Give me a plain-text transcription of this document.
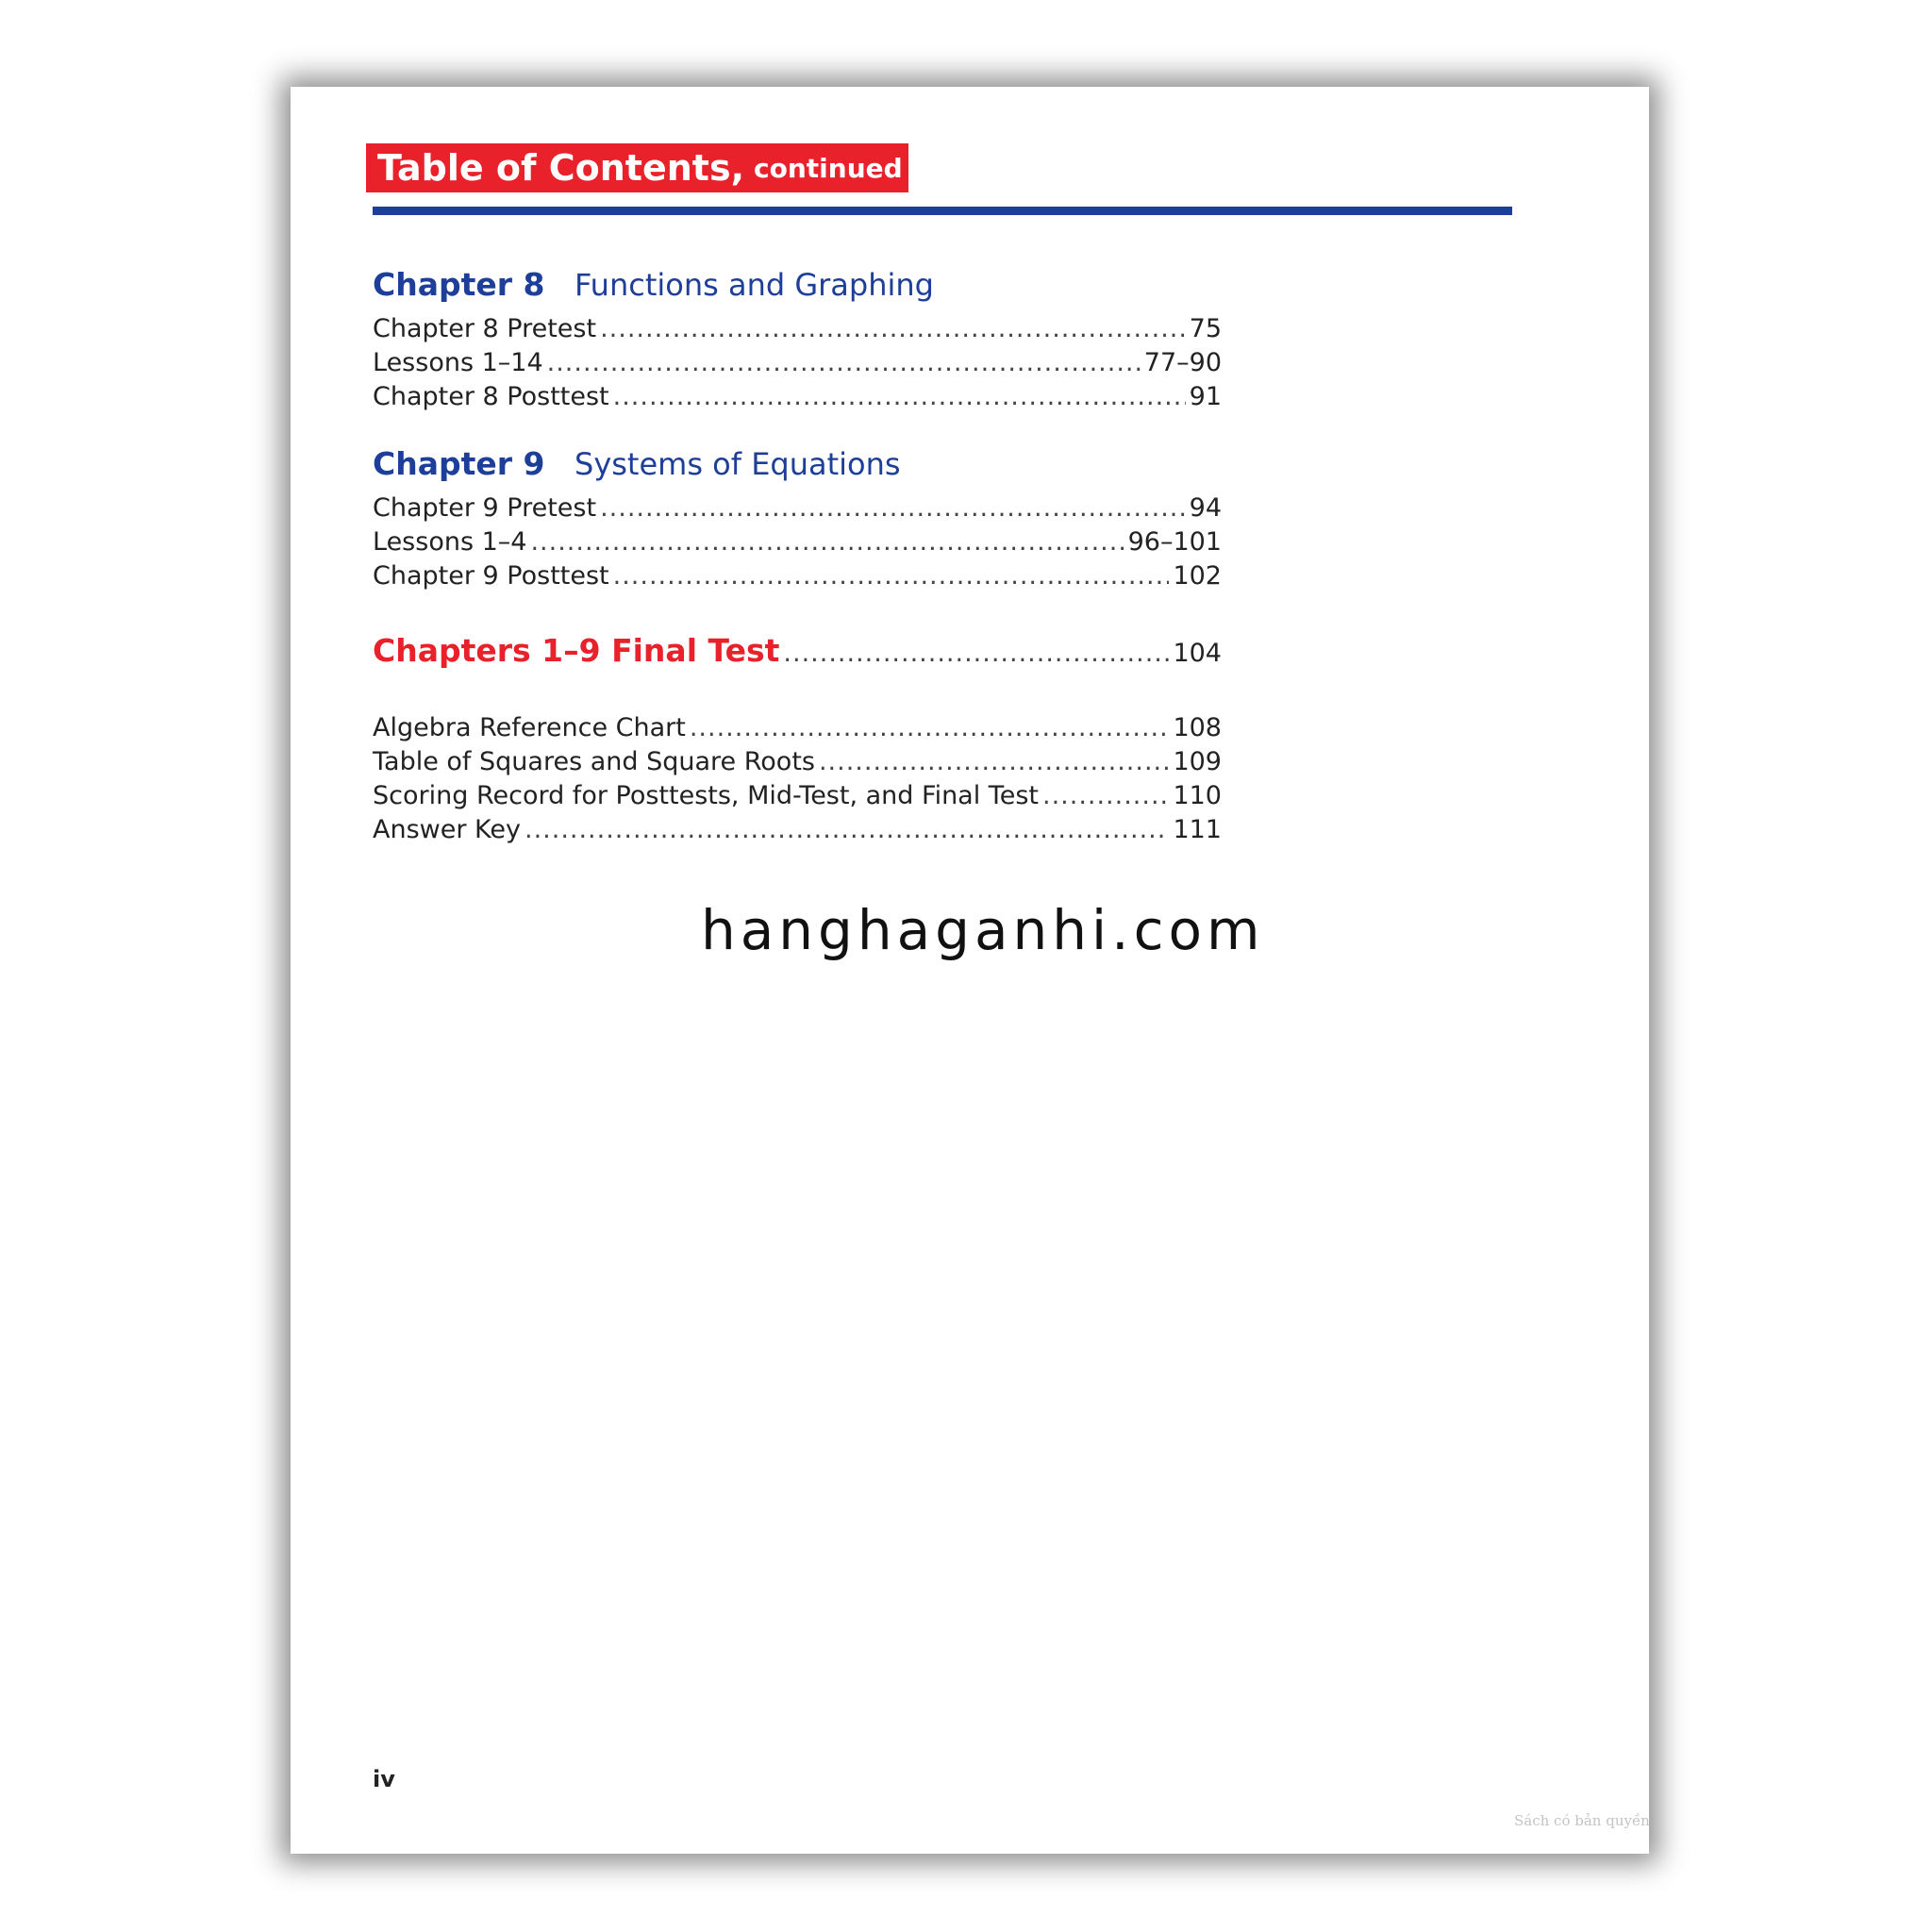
Table of Contents, continued
Chapter 8 Functions and Graphing
Chapter 8 Pretest .....	75
Lessons 1–14 .....	77–90
Chapter 8 Posttest .....	91
Chapter 9 Systems of Equations
Chapter 9 Pretest .....	94
Lessons 1–4 .....	96–101
Chapter 9 Posttest .....	102
Chapters 1–9 Final Test .....	104
Algebra Reference Chart .....	108
Table of Squares and Square Roots .....	109
Scoring Record for Posttests, Mid-Test, and Final Test .....	110
Answer Key .....	111
hanghaganhi.com
iv
Sách có bản quyền
